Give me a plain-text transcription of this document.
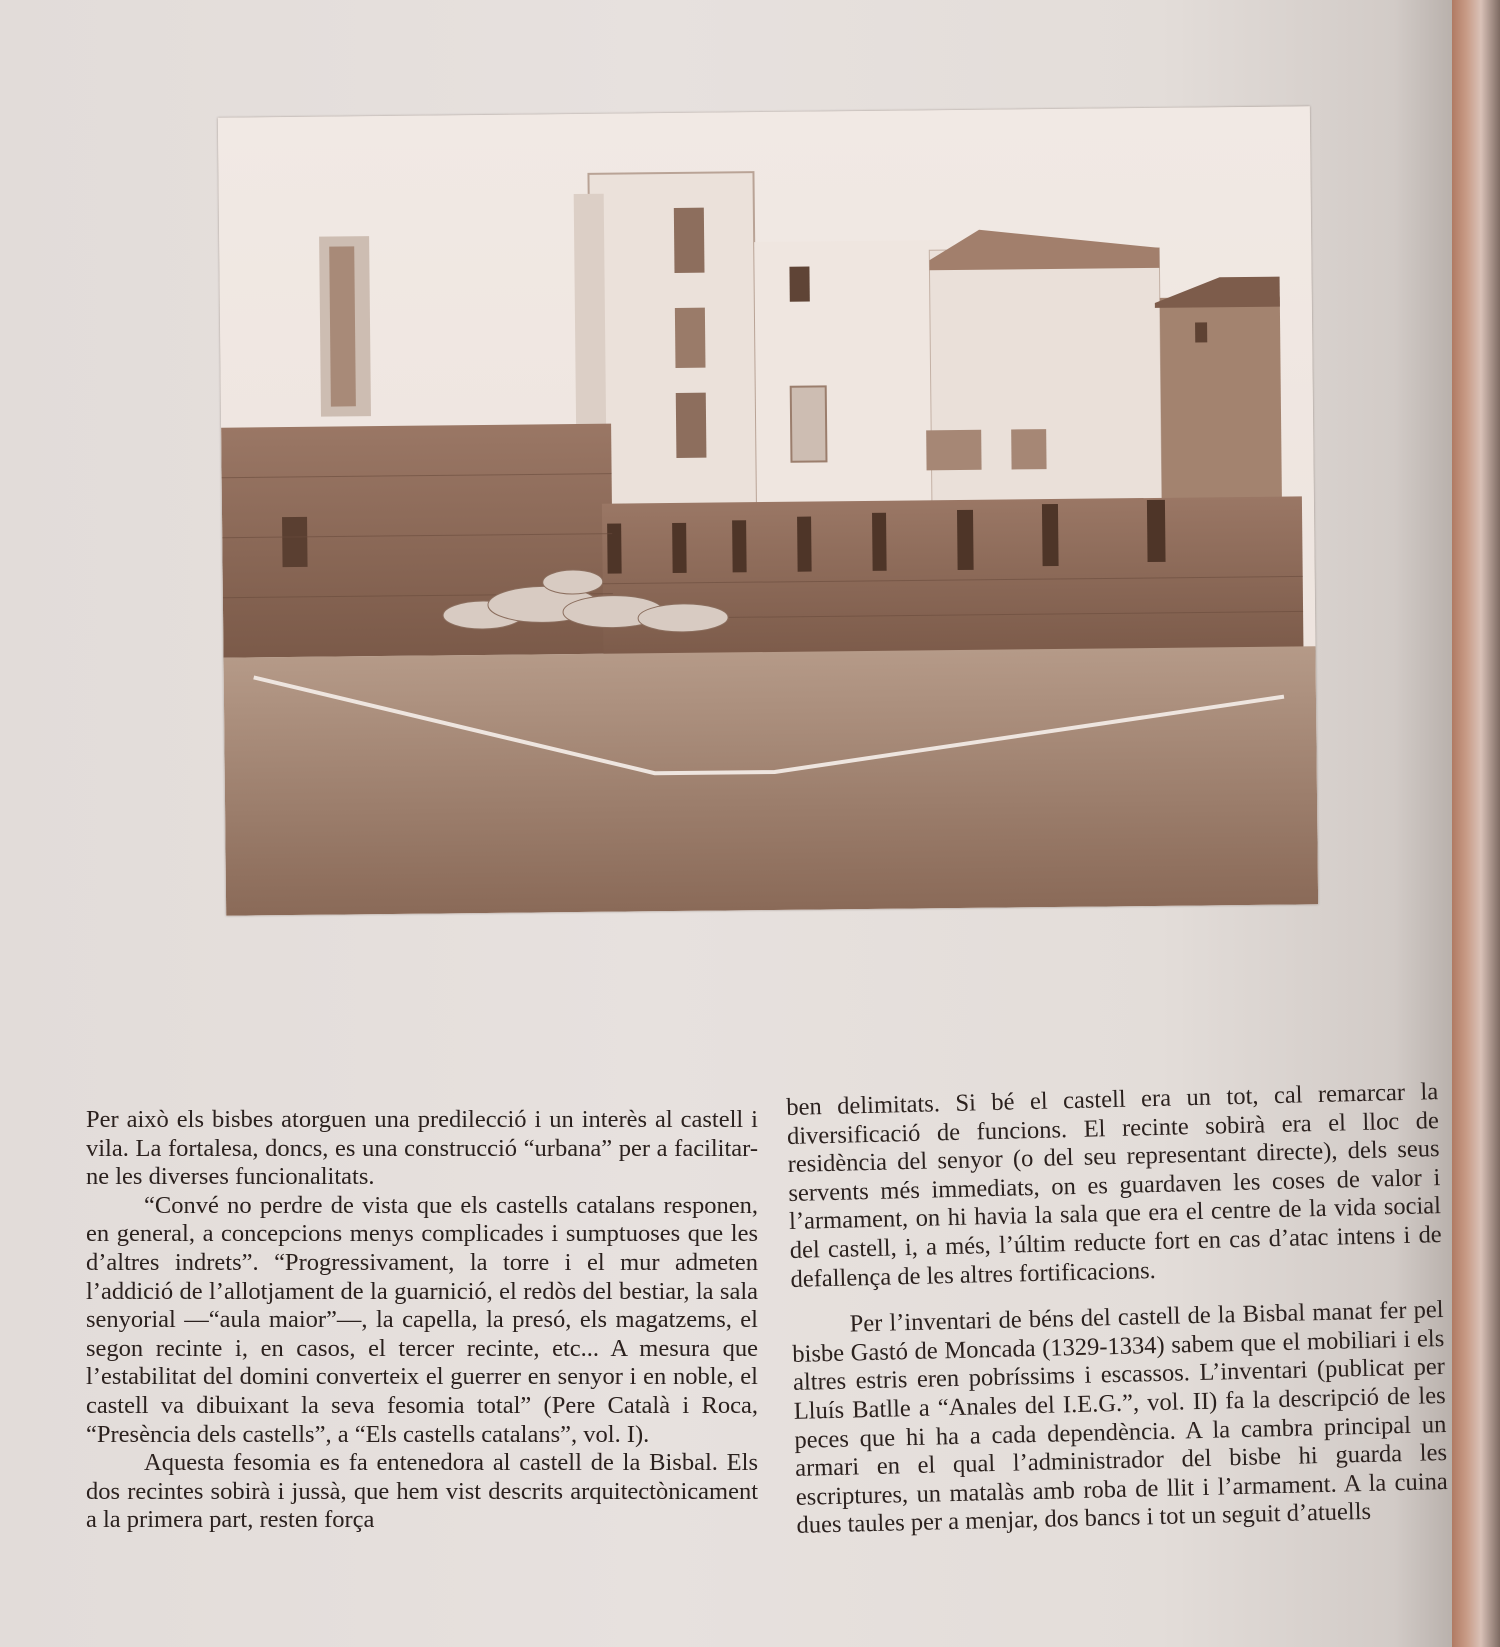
Per això els bisbes atorguen una predilecció i un interès al castell i vila. La fortalesa, doncs, es una construcció “urbana” per a facilitar-ne les diverses funcionalitats.

“Convé no perdre de vista que els castells catalans responen, en general, a concepcions menys complicades i sumptuoses que les d’altres indrets”. “Progressivament, la torre i el mur admeten l’addició de l’allotjament de la guarnició, el redòs del bestiar, la sala senyorial —“aula maior”—, la capella, la presó, els magatzems, el segon recinte i, en casos, el tercer recinte, etc... A mesura que l’estabilitat del domini converteix el guerrer en senyor i en noble, el castell va dibuixant la seva fesomia total” (Pere Català i Roca, “Presència dels castells”, a “Els castells catalans”, vol. I).

Aquesta fesomia es fa entenedora al castell de la Bisbal. Els dos recintes sobirà i jussà, que hem vist descrits arquitectònicament a la primera part, resten força

ben delimitats. Si bé el castell era un tot, cal remarcar la diversificació de funcions. El recinte sobirà era el lloc de residència del senyor (o del seu representant directe), dels seus servents més immediats, on es guardaven les coses de valor i l’armament, on hi havia la sala que era el centre de la vida social del castell, i, a més, l’últim reducte fort en cas d’atac intens i de defallença de les altres fortificacions.

Per l’inventari de béns del castell de la Bisbal manat fer pel bisbe Gastó de Moncada (1329-1334) sabem que el mobiliari i els altres estris eren pobríssims i escassos. L’inventari (publicat per Lluís Batlle a “Anales del I.E.G.”, vol. II) fa la descripció de les peces que hi ha a cada dependència. A la cambra principal un armari en el qual l’administrador del bisbe hi guarda les escriptures, un matalàs amb roba de llit i l’armament. A la cuina dues taules per a menjar, dos bancs i tot un seguit d’atuells
